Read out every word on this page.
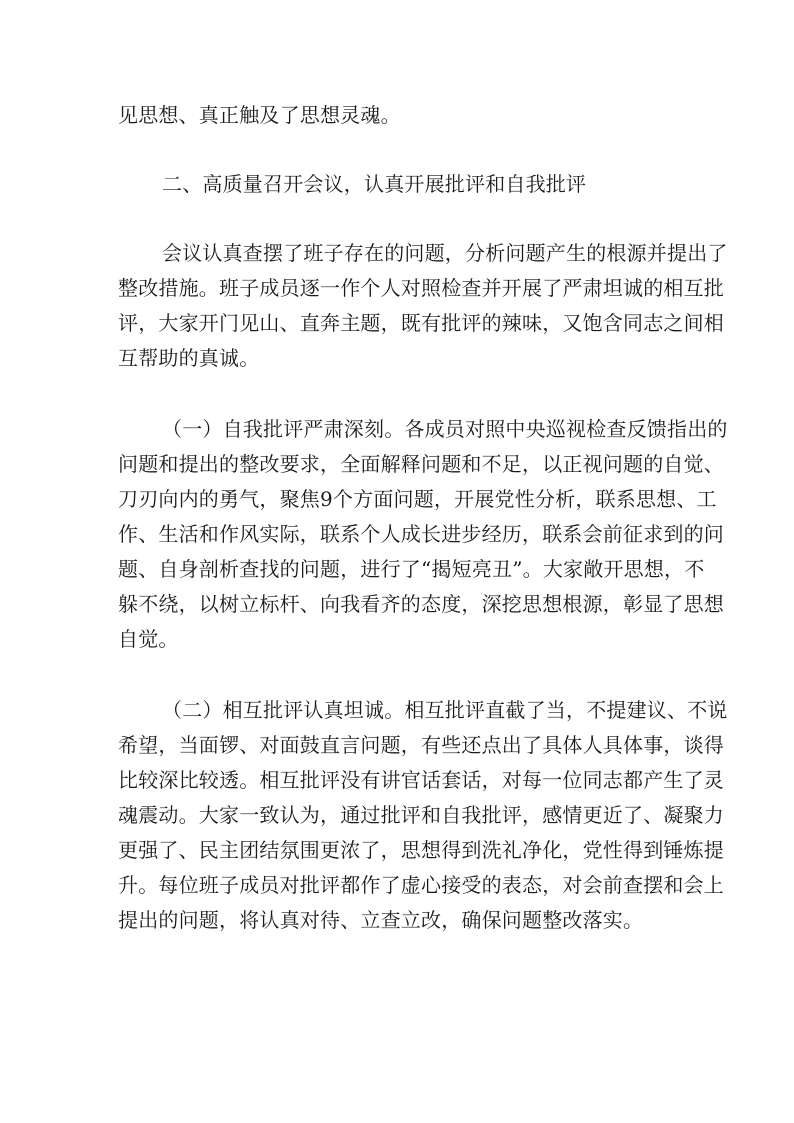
见思想、真正触及了思想灵魂。
二、高质量召开会议，认真开展批评和自我批评
会议认真查摆了班子存在的问题，分析问题产生的根源并提出了
整改措施。班子成员逐一作个人对照检查并开展了严肃坦诚的相互批
评，大家开门见山、直奔主题，既有批评的辣味，又饱含同志之间相
互帮助的真诚。
（一）自我批评严肃深刻。各成员对照中央巡视检查反馈指出的
问题和提出的整改要求，全面解释问题和不足，以正视问题的自觉、
刀刃向内的勇气，聚焦9个方面问题，开展党性分析，联系思想、工
作、生活和作风实际，联系个人成长进步经历，联系会前征求到的问
题、自身剖析查找的问题，进行了“揭短亮丑”。大家敞开思想，不
躲不绕，以树立标杆、向我看齐的态度，深挖思想根源，彰显了思想
自觉。
（二）相互批评认真坦诚。相互批评直截了当，不提建议、不说
希望，当面锣、对面鼓直言问题，有些还点出了具体人具体事，谈得
比较深比较透。相互批评没有讲官话套话，对每一位同志都产生了灵
魂震动。大家一致认为，通过批评和自我批评，感情更近了、凝聚力
更强了、民主团结氛围更浓了，思想得到洗礼净化，党性得到锤炼提
升。每位班子成员对批评都作了虚心接受的表态，对会前查摆和会上
提出的问题，将认真对待、立查立改，确保问题整改落实。
